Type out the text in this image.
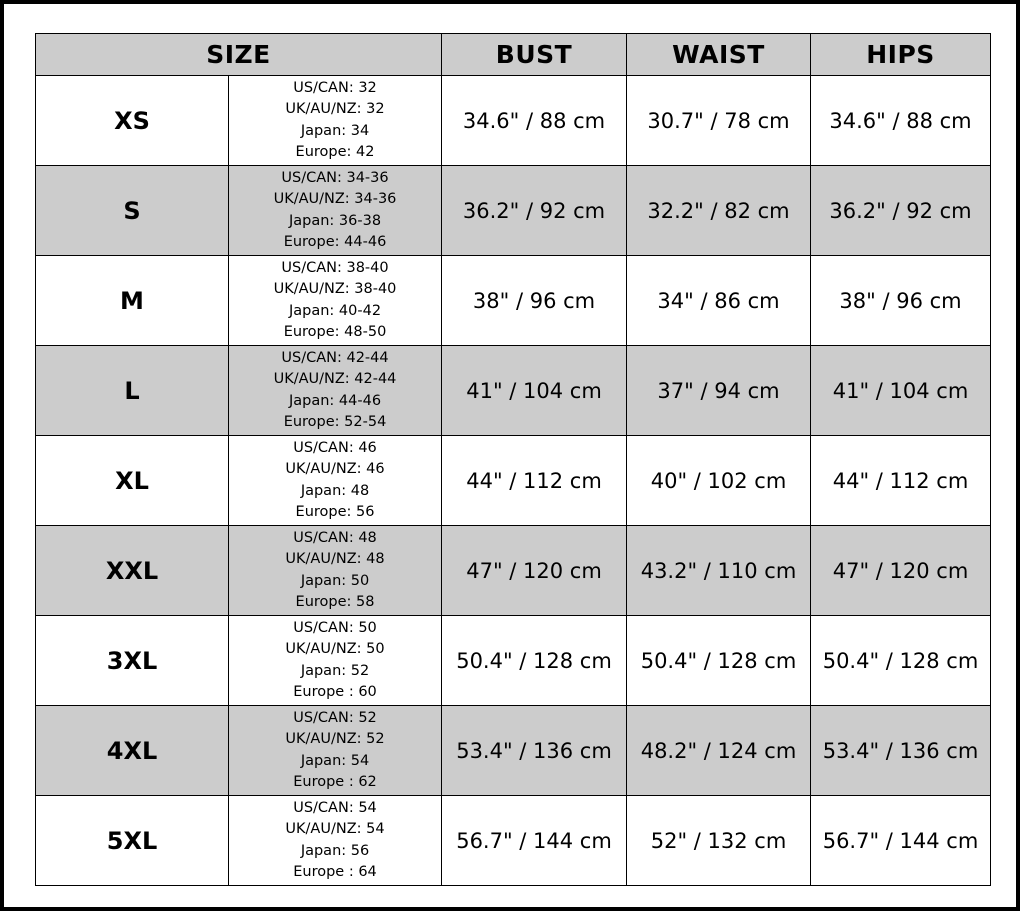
SIZE		BUST	WAIST	HIPS
XS	US/CAN: 32
UK/AU/NZ: 32
Japan: 34
Europe: 42	34.6" / 88 cm	30.7" / 78 cm	34.6" / 88 cm
S	US/CAN: 34-36
UK/AU/NZ: 34-36
Japan: 36-38
Europe: 44-46	36.2" / 92 cm	32.2" / 82 cm	36.2" / 92 cm
M	US/CAN: 38-40
UK/AU/NZ: 38-40
Japan: 40-42
Europe: 48-50	38" / 96 cm	34" / 86 cm	38" / 96 cm
L	US/CAN: 42-44
UK/AU/NZ: 42-44
Japan: 44-46
Europe: 52-54	41" / 104 cm	37" / 94 cm	41" / 104 cm
XL	US/CAN: 46
UK/AU/NZ: 46
Japan: 48
Europe: 56	44" / 112 cm	40" / 102 cm	44" / 112 cm
XXL	US/CAN: 48
UK/AU/NZ: 48
Japan: 50
Europe: 58	47" / 120 cm	43.2" / 110 cm	47" / 120 cm
3XL	US/CAN: 50
UK/AU/NZ: 50
Japan: 52
Europe : 60	50.4" / 128 cm	50.4" / 128 cm	50.4" / 128 cm
4XL	US/CAN: 52
UK/AU/NZ: 52
Japan: 54
Europe : 62	53.4" / 136 cm	48.2" / 124 cm	53.4" / 136 cm
5XL	US/CAN: 54
UK/AU/NZ: 54
Japan: 56
Europe : 64	56.7" / 144 cm	52" / 132 cm	56.7" / 144 cm
